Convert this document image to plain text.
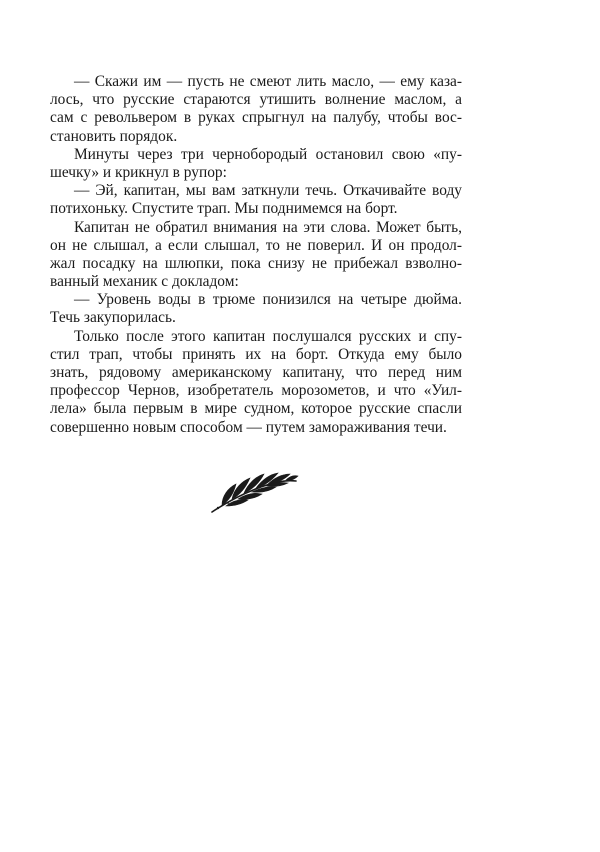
— Скажи им — пусть не смеют лить масло, — ему каза-
лось, что русские стараются утишить волнение маслом, а
сам с револьвером в руках спрыгнул на палубу, чтобы вос-
становить порядок.
Минуты через три чернобородый остановил свою «пу-
шечку» и крикнул в рупор:
— Эй, капитан, мы вам заткнули течь. Откачивайте воду
потихоньку. Спустите трап. Мы поднимемся на борт.
Капитан не обратил внимания на эти слова. Может быть,
он не слышал, а если слышал, то не поверил. И он продол-
жал посадку на шлюпки, пока снизу не прибежал взволно-
ванный механик с докладом:
— Уровень воды в трюме понизился на четыре дюйма.
Течь закупорилась.
Только после этого капитан послушался русских и спу-
стил трап, чтобы принять их на борт. Откуда ему было
знать, рядовому американскому капитану, что перед ним
профессор Чернов, изобретатель морозометов, и что «Уил-
лела» была первым в мире судном, которое русские спасли
совершенно новым способом — путем замораживания течи.
